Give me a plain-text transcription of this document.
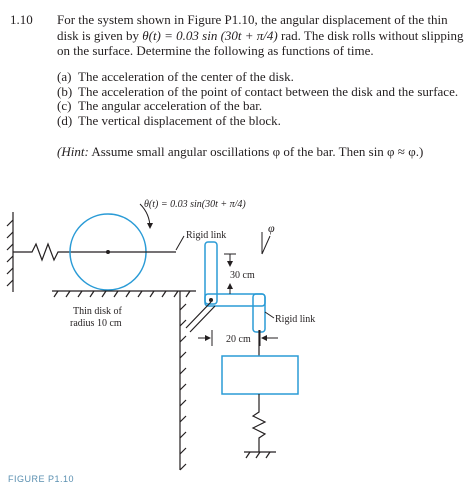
1.10 For the system shown in Figure P1.10, the angular displacement of the thin disk is given by θ(t) = 0.03 sin (30t + π/4) rad. The disk rolls without slipping on the surface. Determine the following as functions of time.
(a) The acceleration of the center of the disk.
(b) The acceleration of the point of contact between the disk and the surface.
(c) The angular acceleration of the bar.
(d) The vertical displacement of the block.
(Hint: Assume small angular oscillations φ of the bar. Then sin φ ≈ φ.)
θ(t) = 0.03 sin(30t + π/4)
Rigid link
Thin disk of
radius 10 cm
φ
30 cm
Rigid link
20 cm
FIGURE P1.10
